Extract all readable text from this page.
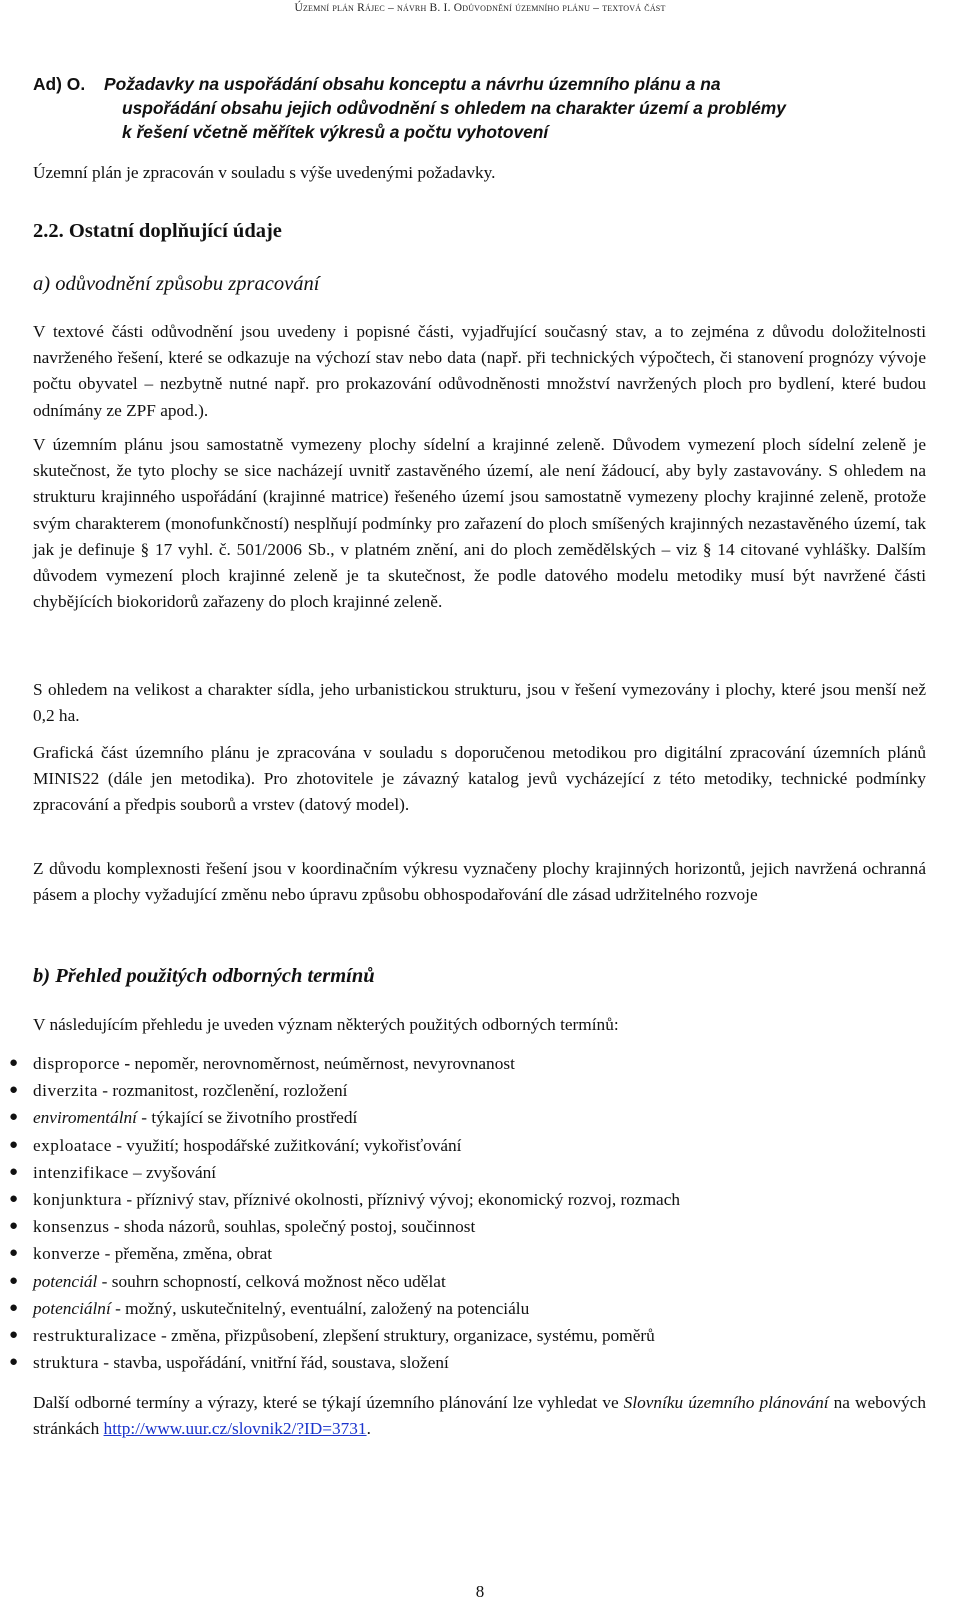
Územní plán Rájec – návrh B. I. Odůvodnění územního plánu – textová část
Ad) O. Požadavky na uspořádání obsahu konceptu a návrhu územního plánu a na
uspořádání obsahu jejich odůvodnění s ohledem na charakter území a problémy
k řešení včetně měřítek výkresů a počtu vyhotovení

Územní plán je zpracován v souladu s výše uvedenými požadavky.

2.2. Ostatní doplňující údaje
a) odůvodnění způsobu zpracování

V textové části odůvodnění jsou uvedeny i popisné části, vyjadřující současný stav, a to zejména z důvodu doložitelnosti navrženého řešení, které se odkazuje na výchozí stav nebo data (např. při technických výpočtech, či stanovení prognózy vývoje počtu obyvatel – nezbytně nutné např. pro prokazování odůvodněnosti množství navržených ploch pro bydlení, které budou odnímány ze ZPF apod.).

V územním plánu jsou samostatně vymezeny plochy sídelní a krajinné zeleně. Důvodem vymezení ploch sídelní zeleně je skutečnost, že tyto plochy se sice nacházejí uvnitř zastavěného území, ale není žádoucí, aby byly zastavovány. S ohledem na strukturu krajinného uspořádání (krajinné matrice) řešeného území jsou samostatně vymezeny plochy krajinné zeleně, protože svým charakterem (monofunkčností) nesplňují podmínky pro zařazení do ploch smíšených krajinných nezastavěného území, tak jak je definuje § 17 vyhl. č. 501/2006 Sb., v platném znění, ani do ploch zemědělských – viz § 14 citované vyhlášky. Dalším důvodem vymezení ploch krajinné zeleně je ta skutečnost, že podle datového modelu metodiky musí být navržené části chybějících biokoridorů zařazeny do ploch krajinné zeleně.

S ohledem na velikost a charakter sídla, jeho urbanistickou strukturu, jsou v řešení vymezovány i plochy, které jsou menší než 0,2 ha.

Grafická část územního plánu je zpracována v souladu s doporučenou metodikou pro digitální zpracování územních plánů MINIS22 (dále jen metodika). Pro zhotovitele je závazný katalog jevů vycházející z této metodiky, technické podmínky zpracování a předpis souborů a vrstev (datový model).

Z důvodu komplexnosti řešení jsou v koordinačním výkresu vyznačeny plochy krajinných horizontů, jejich navržená ochranná pásem a plochy vyžadující změnu nebo úpravu způsobu obhospodařování dle zásad udržitelného rozvoje

b) Přehled použitých odborných termínů

V následujícím přehledu je uveden význam některých použitých odborných termínů:

● disproporce - nepoměr, nerovnoměrnost, neúměrnost, nevyrovnanost
● diverzita - rozmanitost, rozčlenění, rozložení
● enviromentální - týkající se životního prostředí
● exploatace - využití; hospodářské zužitkování; vykořisťování
● intenzifikace – zvyšování
● konjunktura - příznivý stav, příznivé okolnosti, příznivý vývoj; ekonomický rozvoj, rozmach
● konsenzus - shoda názorů, souhlas, společný postoj, součinnost
● konverze - přeměna, změna, obrat
● potenciál - souhrn schopností, celková možnost něco udělat
● potenciální - možný, uskutečnitelný, eventuální, založený na potenciálu
● restrukturalizace - změna, přizpůsobení, zlepšení struktury, organizace, systému, poměrů
● struktura - stavba, uspořádání, vnitřní řád, soustava, složení

Další odborné termíny a výrazy, které se týkají územního plánování lze vyhledat ve Slovníku územního plánování na webových stránkách http://www.uur.cz/slovnik2/?ID=3731.

8
